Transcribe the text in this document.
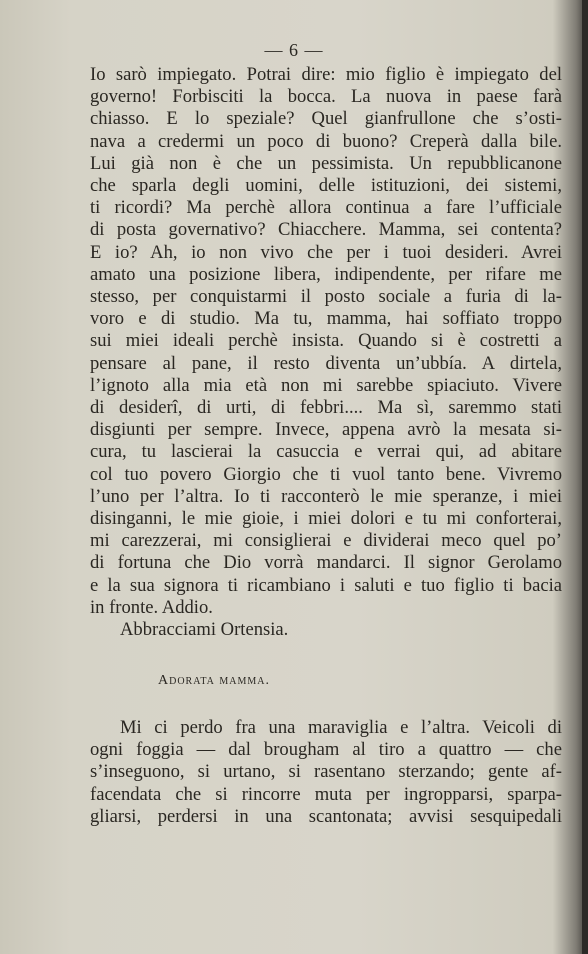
— 6 —
Io sarò impiegato. Potrai dire: mio figlio è impiegato del
governo! Forbisciti la bocca. La nuova in paese farà
chiasso. E lo speziale? Quel gianfrullone che s’osti-
nava a credermi un poco di buono? Creperà dalla bile.
Lui già non è che un pessimista. Un repubblicanone
che sparla degli uomini, delle istituzioni, dei sistemi,
ti ricordi? Ma perchè allora continua a fare l’ufficiale
di posta governativo? Chiacchere. Mamma, sei contenta?
E io? Ah, io non vivo che per i tuoi desideri. Avrei
amato una posizione libera, indipendente, per rifare me
stesso, per conquistarmi il posto sociale a furia di la-
voro e di studio. Ma tu, mamma, hai soffiato troppo
sui miei ideali perchè insista. Quando si è costretti a
pensare al pane, il resto diventa un’ubbía. A dirtela,
l’ignoto alla mia età non mi sarebbe spiaciuto. Vivere
di desiderî, di urti, di febbri.... Ma sì, saremmo stati
disgiunti per sempre. Invece, appena avrò la mesata si-
cura, tu lascierai la casuccia e verrai qui, ad abitare
col tuo povero Giorgio che ti vuol tanto bene. Vivremo
l’uno per l’altra. Io ti racconterò le mie speranze, i miei
disinganni, le mie gioie, i miei dolori e tu mi conforterai,
mi carezzerai, mi consiglierai e dividerai meco quel po’
di fortuna che Dio vorrà mandarci. Il signor Gerolamo
e la sua signora ti ricambiano i saluti e tuo figlio ti bacia
in fronte. Addio.
Abbracciami Ortensia.
Adorata mamma.
Mi ci perdo fra una maraviglia e l’altra. Veicoli di
ogni foggia — dal brougham al tiro a quattro — che
s’inseguono, si urtano, si rasentano sterzando; gente af-
facendata che si rincorre muta per ingropparsi, sparpa-
gliarsi, perdersi in una scantonata; avvisi sesquipedali
